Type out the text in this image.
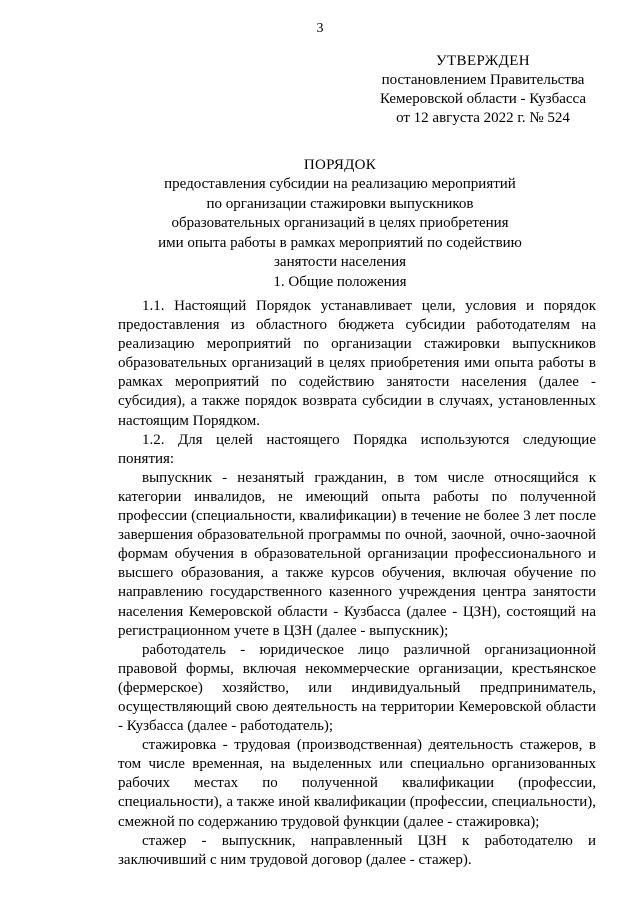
3
УТВЕРЖДЕН
постановлением Правительства
Кемеровской области - Кузбасса
от 12 августа 2022 г. № 524
ПОРЯДОК
предоставления субсидии на реализацию мероприятий
по организации стажировки выпускников
образовательных организаций в целях приобретения
ими опыта работы в рамках мероприятий по содействию
занятости населения
1. Общие положения

1.1. Настоящий Порядок устанавливает цели, условия и порядок предоставления из областного бюджета субсидии работодателям на реализацию мероприятий по организации стажировки выпускников образовательных организаций в целях приобретения ими опыта работы в рамках мероприятий по содействию занятости населения (далее - субсидия), а также порядок возврата субсидии в случаях, установленных настоящим Порядком.

1.2. Для целей настоящего Порядка используются следующие понятия:

выпускник - незанятый гражданин, в том числе относящийся к категории инвалидов, не имеющий опыта работы по полученной профессии (специальности, квалификации) в течение не более 3 лет после завершения образовательной программы по очной, заочной, очно-заочной формам обучения в образовательной организации профессионального и высшего образования, а также курсов обучения, включая обучение по направлению государственного казенного учреждения центра занятости населения Кемеровской области - Кузбасса (далее - ЦЗН), состоящий на регистрационном учете в ЦЗН (далее - выпускник);

работодатель - юридическое лицо различной организационной правовой формы, включая некоммерческие организации, крестьянское (фермерское) хозяйство, или индивидуальный предприниматель, осуществляющий свою деятельность на территории Кемеровской области - Кузбасса (далее - работодатель);

стажировка - трудовая (производственная) деятельность стажеров, в том числе временная, на выделенных или специально организованных рабочих местах по полученной квалификации (профессии, специальности), а также иной квалификации (профессии, специальности), смежной по содержанию трудовой функции (далее - стажировка);

стажер - выпускник, направленный ЦЗН к работодателю и заключивший с ним трудовой договор (далее - стажер).
